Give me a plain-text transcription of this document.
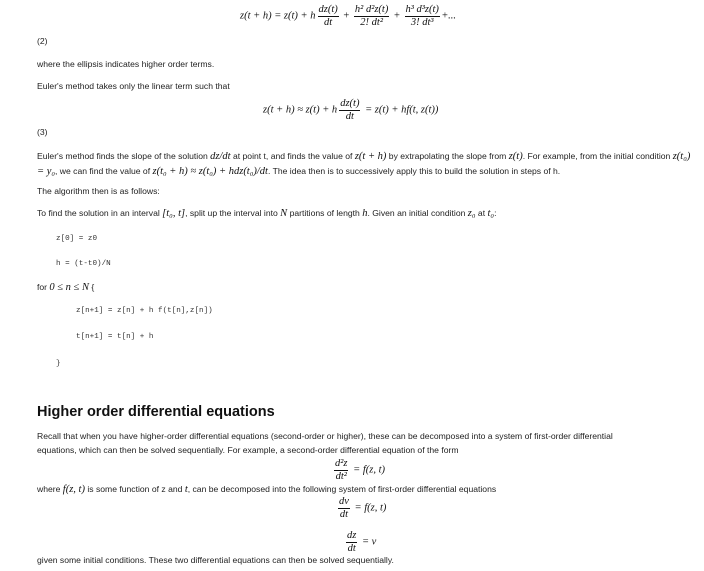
z(t + h) = z(t) + h $\frac{dz(t)}{dt} + \frac{\text{h² d²z(t)}}{\text{2! dt²}} + \frac{\text{h³ d³z(t)}}{\text{3! dt³}}$ +...
(2)
where the ellipsis indicates higher order terms.
Euler's method takes only the linear term such that
z(t + h) ≈ z(t) + h $\frac{dz(t)}{dt} = z(t) + hf(t$, z(t))
(3)
Euler's method finds the slope of the solution dz/dt at point t, and finds the value of z(t + h) by extrapolating the slope from z(t). For example, from the initial condition z(t₀) = y₀, we can find the value of z(t₀ + h) ≈ z(t₀) + hdz(t₀)/dt. The idea then is to successively apply this to build the solution in steps of h.
The algorithm then is as follows:
To find the solution in an interval [t₀, t], split up the interval into N partitions of length h. Given an initial condition z₀ at t₀:
z[0] = z0
h = (t-t0)/N
for 0 ≤ n ≤ N {
z[n+1] = z[n] + h f(t[n],z[n])
t[n+1] = t[n] + h
}
Higher order differential equations
Recall that when you have higher-order differential equations (second-order or higher), these can be decomposed into a system of first-order differential
equations, which can then be solved sequentially. For example, a second-order differential equation of the form
$\frac{\text{d²z}}{\text{dt²}} = f(z$, t)
where f(z, t) is some function of z and t, can be decomposed into the following system of first-order differential equations
$\frac{dv}{dt} = f(z$, t)
$\frac{dz}{dt} = v$
given some initial conditions. These two differential equations can then be solved sequentially.
